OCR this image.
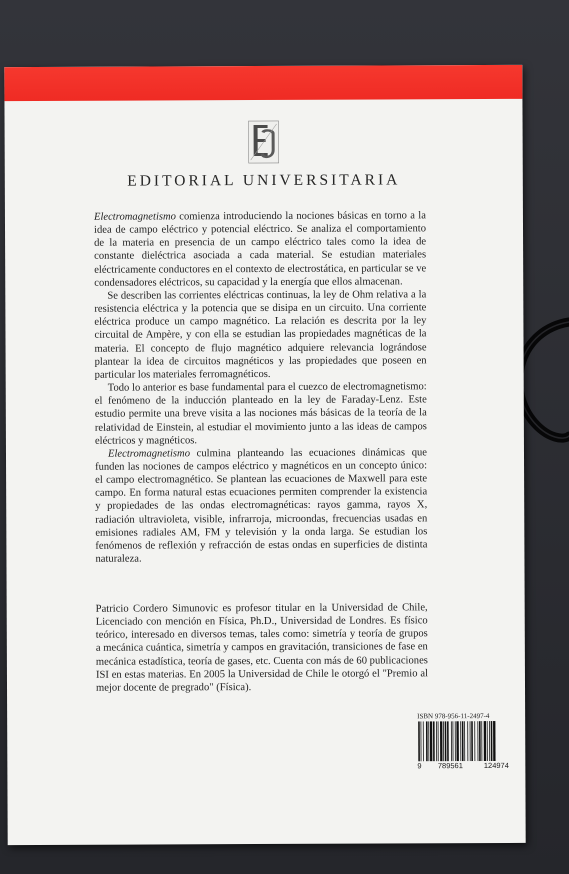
EDITORIAL UNIVERSITARIA

Electromagnetismo comienza introduciendo la nociones básicas en torno a la idea de campo eléctrico y potencial eléctrico. Se analiza el comportamiento de la materia en presencia de un campo eléctrico tales como la idea de constante dieléctrica asociada a cada material. Se estudian materiales eléctricamente conductores en el contexto de electrostática, en particular se ve condensadores eléctricos, su capacidad y la energía que ellos almacenan.

Se describen las corrientes eléctricas continuas, la ley de Ohm relativa a la resistencia eléctrica y la potencia que se disipa en un circuito. Una corriente eléctrica produce un campo magnético. La relación es descrita por la ley circuital de Ampère, y con ella se estudian las propiedades magnéticas de la materia. El concepto de flujo magnético adquiere relevancia lográndose plantear la idea de circuitos magnéticos y las propiedades que poseen en particular los materiales ferromagnéticos.

Todo lo anterior es base fundamental para el cuezco de electromagnetismo: el fenómeno de la inducción planteado en la ley de Faraday-Lenz. Este estudio permite una breve visita a las nociones más básicas de la teoría de la relatividad de Einstein, al estudiar el movimiento junto a las ideas de campos eléctricos y magnéticos.

Electromagnetismo culmina planteando las ecuaciones dinámicas que funden las nociones de campos eléctrico y magnéticos en un concepto único: el campo electromagnético. Se plantean las ecuaciones de Maxwell para este campo. En forma natural estas ecuaciones permiten comprender la existencia y propiedades de las ondas electromagnéticas: rayos gamma, rayos X, radiación ultravioleta, visible, infrarroja, microondas, frecuencias usadas en emisiones radiales AM, FM y televisión y la onda larga. Se estudian los fenómenos de reflexión y refracción de estas ondas en superficies de distinta naturaleza.

Patricio Cordero Simunovic es profesor titular en la Universidad de Chile, Licenciado con mención en Física, Ph.D., Universidad de Londres. Es físico teórico, interesado en diversos temas, tales como: simetría y teoría de grupos a mecánica cuántica, simetría y campos en gravitación, transiciones de fase en mecánica estadística, teoría de gases, etc. Cuenta con más de 60 publicaciones ISI en estas materias. En 2005 la Universidad de Chile le otorgó el "Premio al mejor docente de pregrado" (Física).
ISBN 978-956-11-2497-4
9 789561	124974
